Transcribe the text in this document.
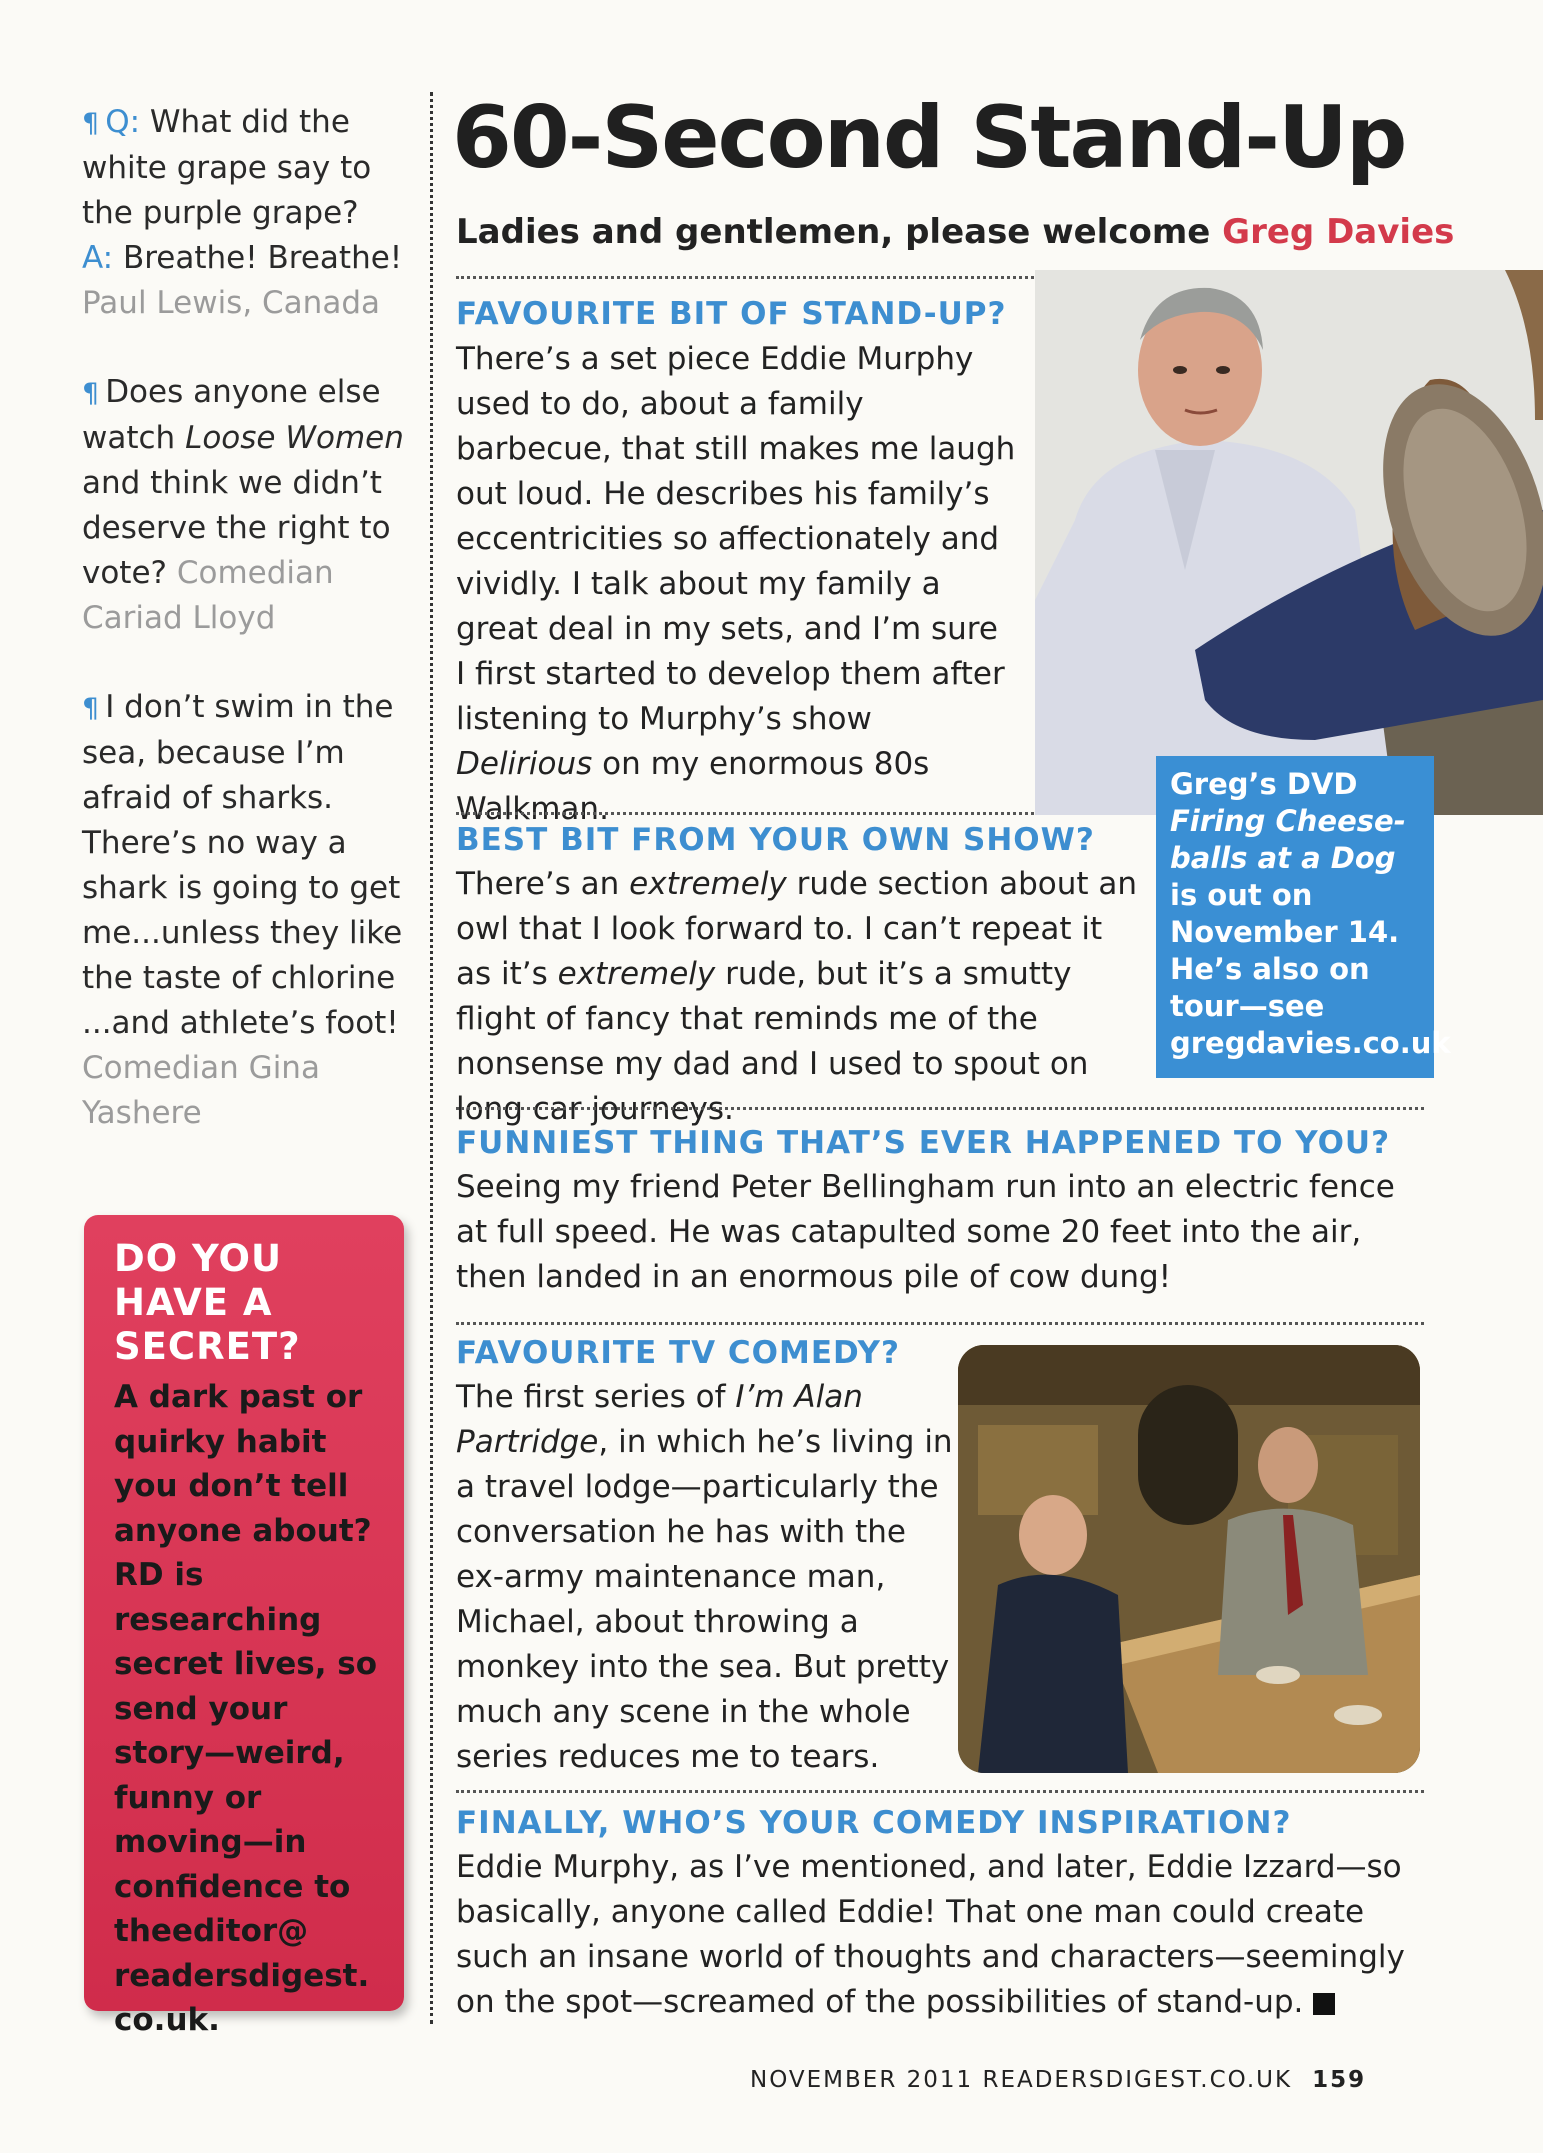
¶ Q: What did the white grape say to the purple grape?
A: Breathe! Breathe!
Paul Lewis, Canada

¶ Does anyone else watch Loose Women and think we didn’t deserve the right to vote? Comedian Cariad Lloyd

¶ I don’t swim in the sea, because I’m afraid of sharks. There’s no way a shark is going to get me...unless they like the taste of chlorine ...and athlete’s foot!
Comedian Gina Yashere

DO YOU HAVE A SECRET?
A dark past or quirky habit you don’t tell anyone about? RD is researching secret lives, so send your story—weird, funny or moving—in confidence to theeditor@ readersdigest. co.uk.
60-Second Stand-Up
Ladies and gentlemen, please welcome Greg Davies
Greg’s DVD Firing Cheese-balls at a Dog is out on November 14. He’s also on tour—see gregdavies.co.uk
FAVOURITE BIT OF STAND-UP? There’s a set piece Eddie Murphy used to do, about a family barbecue, that still makes me laugh out loud. He describes his family’s eccentricities so affectionately and vividly. I talk about my family a great deal in my sets, and I’m sure I first started to develop them after listening to Murphy’s show Delirious on my enormous 80s Walkman.
BEST BIT FROM YOUR OWN SHOW?
There’s an extremely rude section about an owl that I look forward to. I can’t repeat it as it’s extremely rude, but it’s a smutty flight of fancy that reminds me of the nonsense my dad and I used to spout on long car journeys.
FUNNIEST THING THAT’S EVER HAPPENED TO YOU?
Seeing my friend Peter Bellingham run into an electric fence at full speed. He was catapulted some 20 feet into the air, then landed in an enormous pile of cow dung!
FAVOURITE TV COMEDY?
The first series of I’m Alan Partridge, in which he’s living in a travel lodge—particularly the conversation he has with the ex-army maintenance man, Michael, about throwing a monkey into the sea. But pretty much any scene in the whole series reduces me to tears.
FINALLY, WHO’S YOUR COMEDY INSPIRATION?
Eddie Murphy, as I’ve mentioned, and later, Eddie Izzard—so basically, anyone called Eddie! That one man could create such an insane world of thoughts and characters—seemingly on the spot—screamed of the possibilities of stand-up.
NOVEMBER 2011 READERSDIGEST.CO.UK 159
